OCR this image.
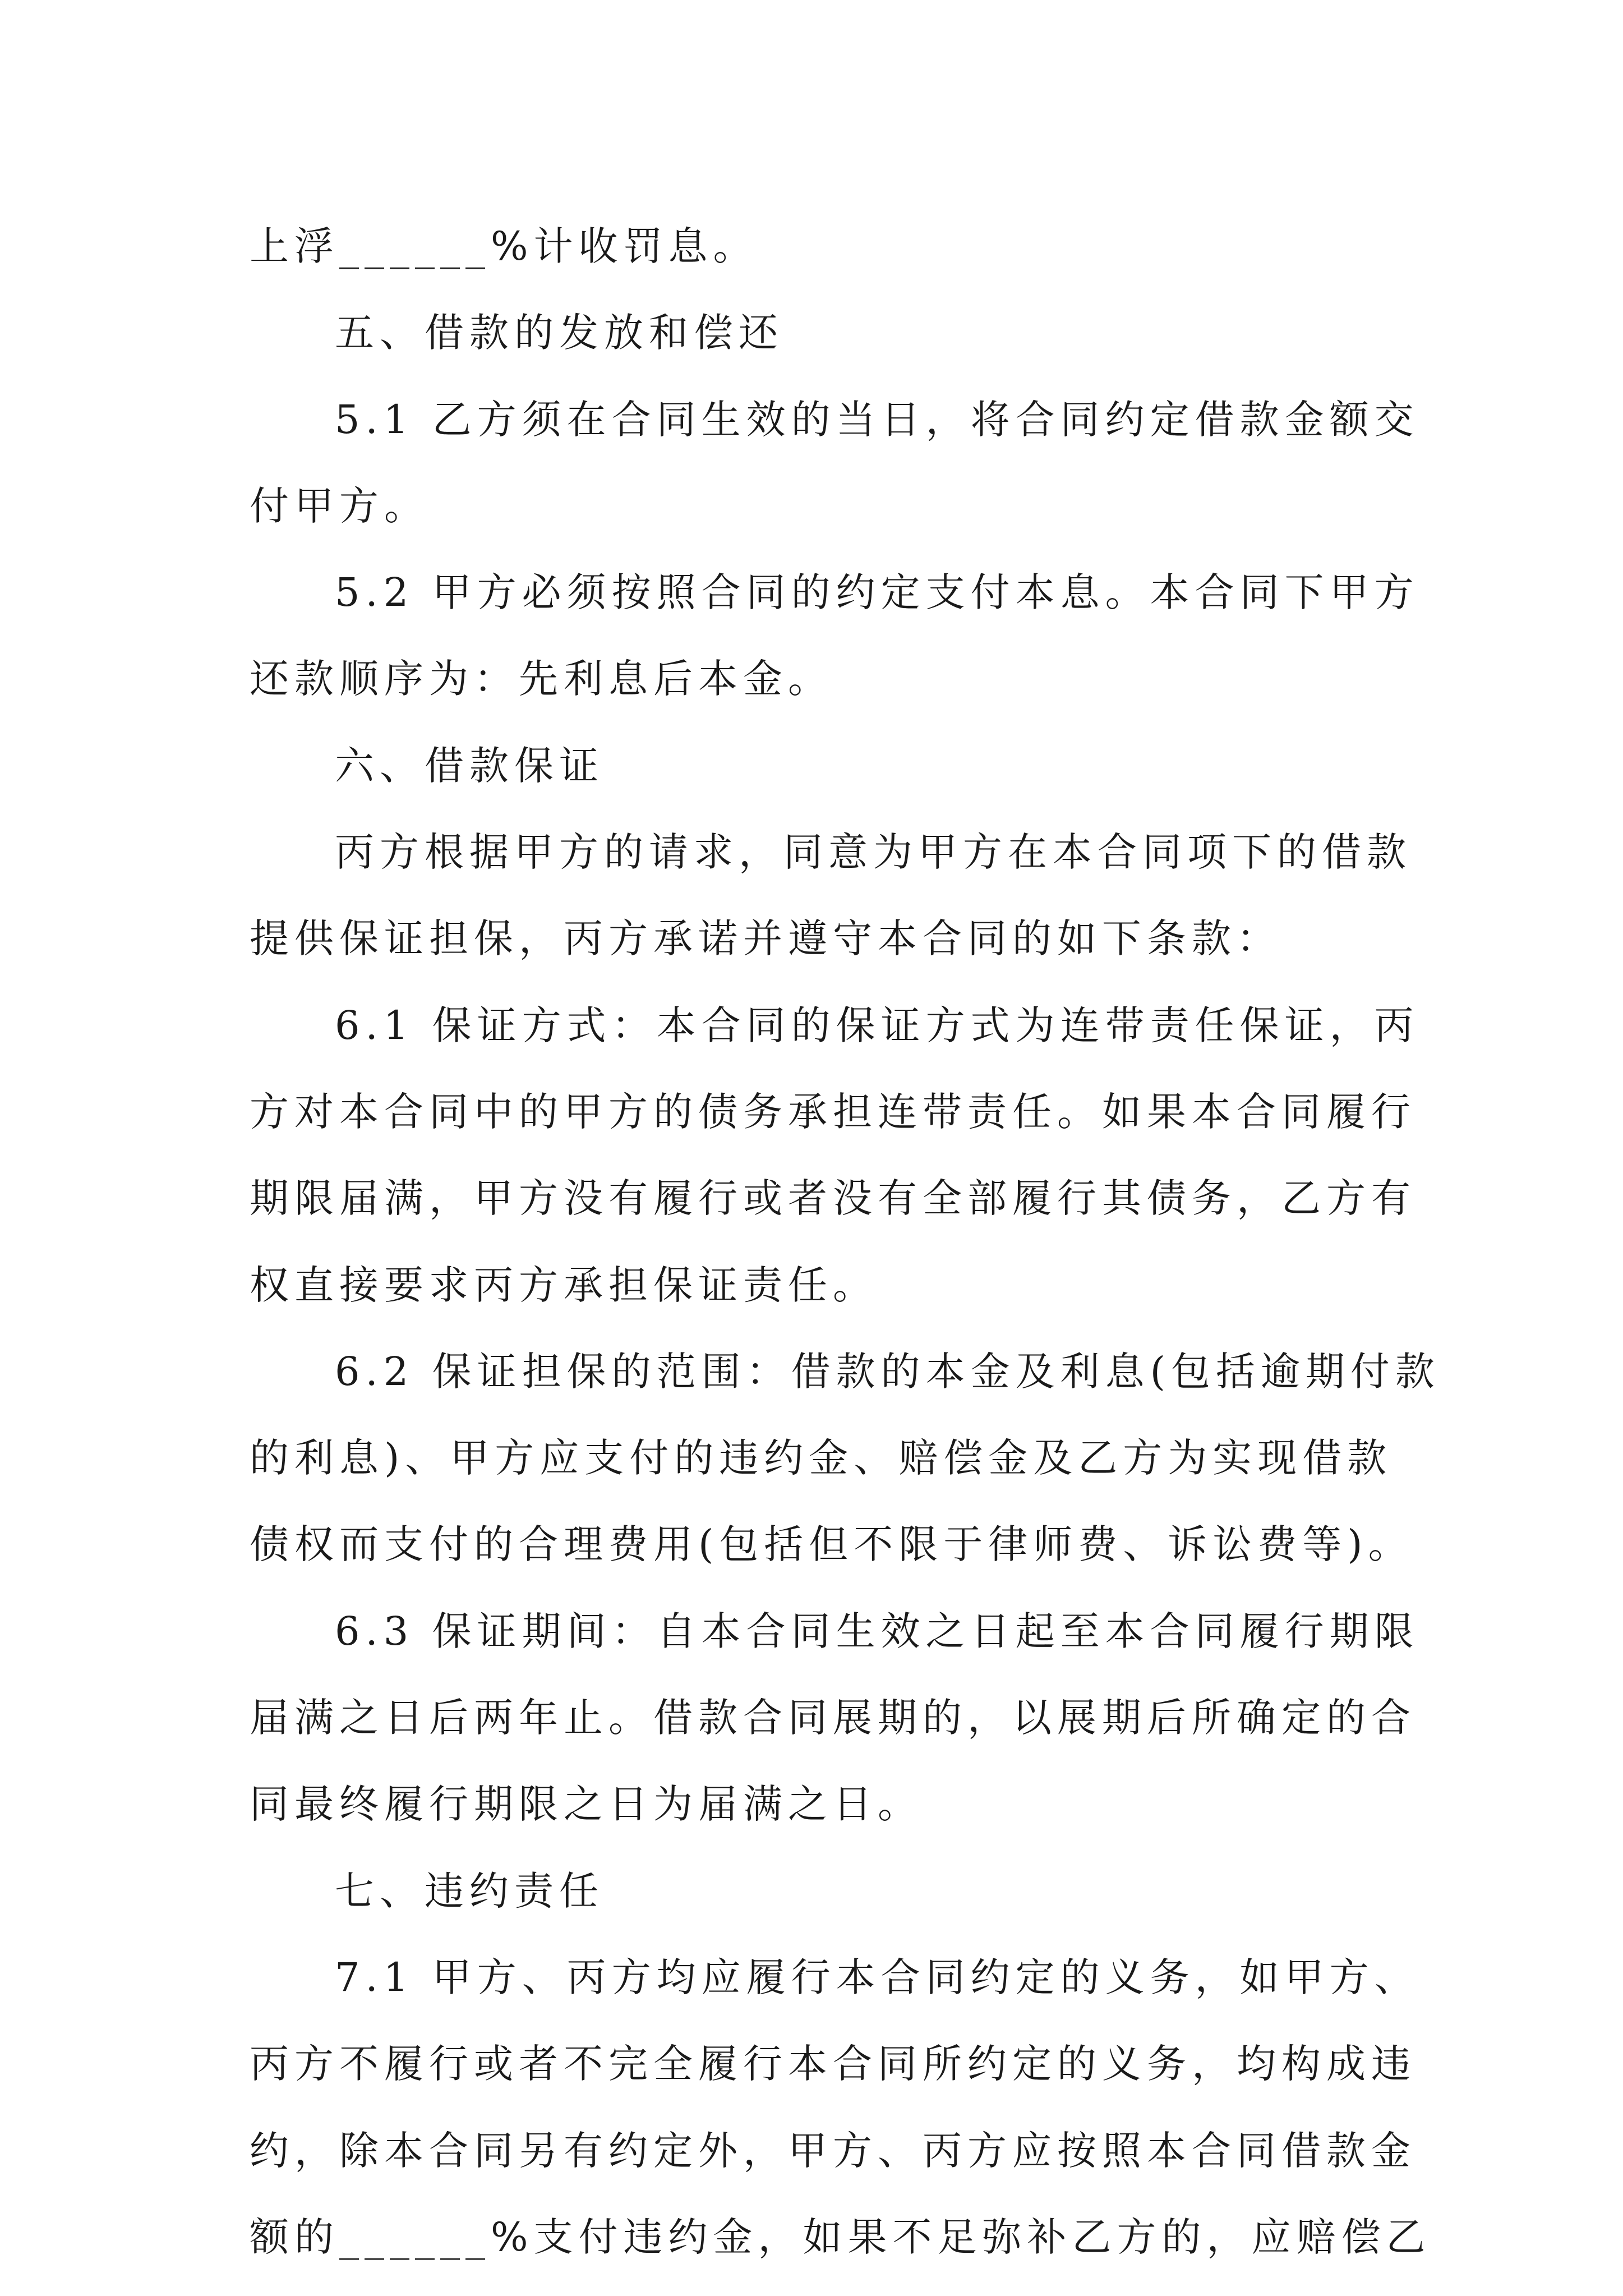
上浮______%计收罚息。
五、借款的发放和偿还
5.1 乙方须在合同生效的当日，将合同约定借款金额交
付甲方。
5.2 甲方必须按照合同的约定支付本息。本合同下甲方
还款顺序为：先利息后本金。
六、借款保证
丙方根据甲方的请求，同意为甲方在本合同项下的借款
提供保证担保，丙方承诺并遵守本合同的如下条款：
6.1 保证方式：本合同的保证方式为连带责任保证，丙
方对本合同中的甲方的债务承担连带责任。如果本合同履行
期限届满，甲方没有履行或者没有全部履行其债务，乙方有
权直接要求丙方承担保证责任。
6.2 保证担保的范围：借款的本金及利息(包括逾期付款
的利息)、甲方应支付的违约金、赔偿金及乙方为实现借款
债权而支付的合理费用(包括但不限于律师费、诉讼费等)。
6.3 保证期间：自本合同生效之日起至本合同履行期限
届满之日后两年止。借款合同展期的，以展期后所确定的合
同最终履行期限之日为届满之日。
七、违约责任
7.1 甲方、丙方均应履行本合同约定的义务，如甲方、
丙方不履行或者不完全履行本合同所约定的义务，均构成违
约，除本合同另有约定外，甲方、丙方应按照本合同借款金
额的______%支付违约金，如果不足弥补乙方的，应赔偿乙
